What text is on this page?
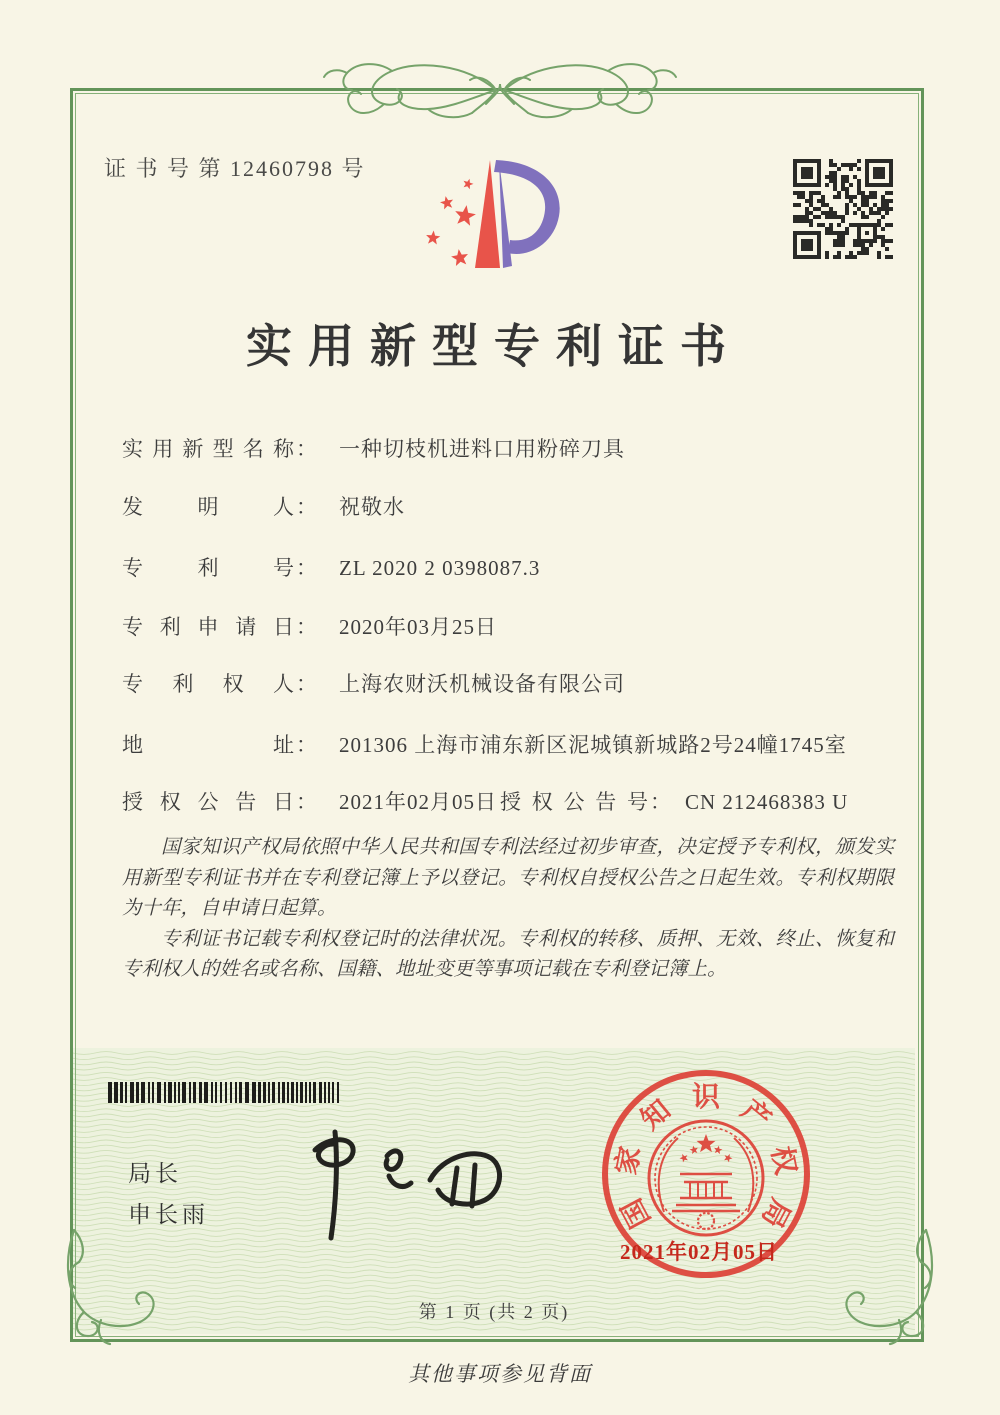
证 书 号 第 12460798 号
实用新型专利证书
实用新型名称： 一种切枝机进料口用粉碎刀具
发明人： 祝敬水
专利号： ZL 2020 2 0398087.3
专利申请日： 2020年03月25日
专利权人： 上海农财沃机械设备有限公司
地址： 201306 上海市浦东新区泥城镇新城路2号24幢1745室
授权公告日： 2021年02月05日 授权公告号： CN 212468383 U

国家知识产权局依照中华人民共和国专利法经过初步审查，决定授予专利权，颁发实用新型专利证书并在专利登记簿上予以登记。专利权自授权公告之日起生效。专利权期限为十年，自申请日起算。

专利证书记载专利权登记时的法律状况。专利权的转移、质押、无效、终止、恢复和专利权人的姓名或名称、国籍、地址变更等事项记载在专利登记簿上。

局长
申长雨	国
家
知 识 产
权
局
2021年02月05日
第 1 页 (共 2 页)
其他事项参见背面
